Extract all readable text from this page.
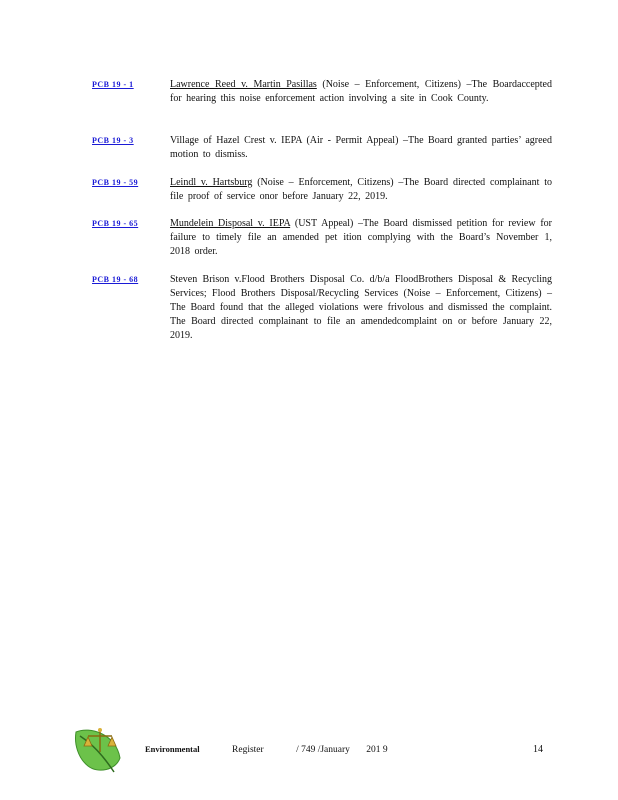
PCB 19 - 1	Lawrence Reed v. Martin Pasillas (Noise – Enforcement, Citizens) –The Boardaccepted for hearing this noise enforcement action involving a site in Cook County.
PCB 19 - 3	Village of Hazel Crest v. IEPA (Air - Permit Appeal) –The Board granted parties’ agreed motion to dismiss.
PCB 19 - 59	Leindl v. Hartsburg (Noise – Enforcement, Citizens) –The Board directed complainant to file proof of service onor before January 22, 2019.
PCB 19 - 65	Mundelein Disposal v. IEPA (UST Appeal) –The Board dismissed petition for review for failure to timely file an amended pet ition complying with the Board’s November 1, 2018 order.
PCB 19 - 68	Steven Brison v.Flood Brothers Disposal Co. d/b/a FloodBrothers Disposal & Recycling Services; Flood Brothers Disposal/Recycling Services (Noise – Enforcement, Citizens) –The Board found that the alleged violations were frivolous and dismissed the complaint. The Board directed complainant to file an amendedcomplaint on or before January 22, 2019.
Environmental	Register	/ 749 /January 201 9	14
